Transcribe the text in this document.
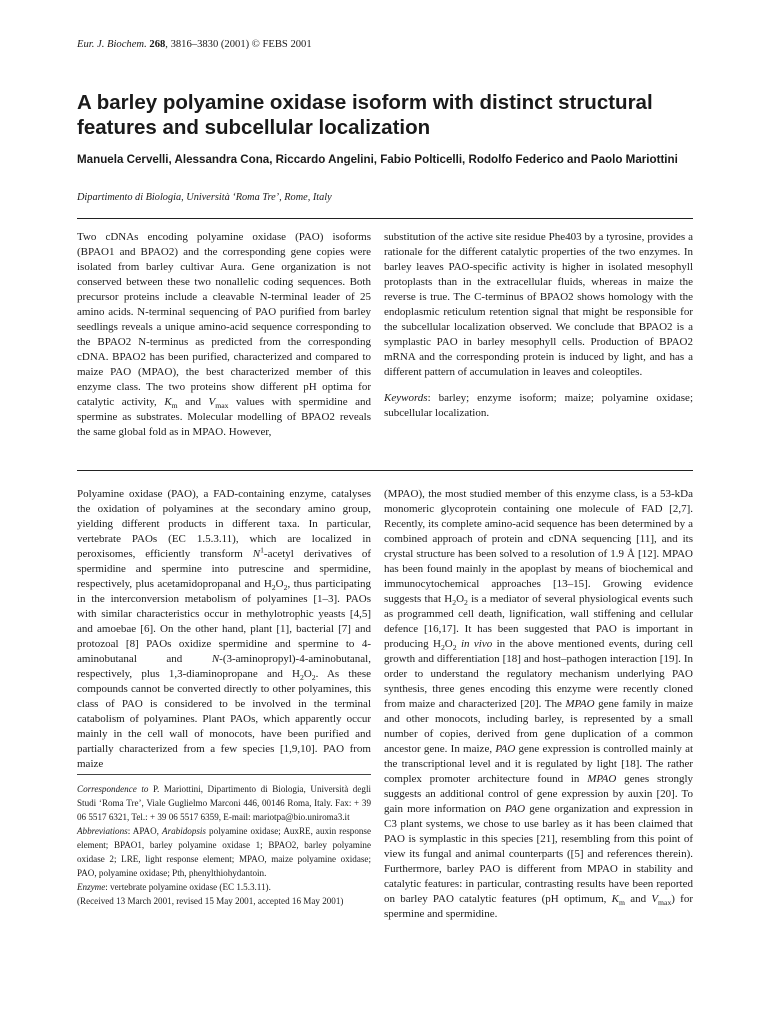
Eur. J. Biochem. 268, 3816–3830 (2001) © FEBS 2001
A barley polyamine oxidase isoform with distinct structural features and subcellular localization

Manuela Cervelli, Alessandra Cona, Riccardo Angelini, Fabio Polticelli, Rodolfo Federico and Paolo Mariottini

Dipartimento di Biologia, Università ‘Roma Tre’, Rome, Italy

Two cDNAs encoding polyamine oxidase (PAO) isoforms (BPAO1 and BPAO2) and the corresponding gene copies were isolated from barley cultivar Aura. Gene organization is not conserved between these two nonallelic coding sequences. Both precursor proteins include a cleavable N-terminal leader of 25 amino acids. N-terminal sequencing of PAO purified from barley seedlings reveals a unique amino-acid sequence corresponding to the BPAO2 N-terminus as predicted from the corresponding cDNA. BPAO2 has been purified, characterized and compared to maize PAO (MPAO), the best characterized member of this enzyme class. The two proteins show different pH optima for catalytic activity, $K_m$ and $V_{max}$ values with spermidine and spermine as substrates. Molecular modelling of BPAO2 reveals the same global fold as in MPAO. However,

substitution of the active site residue Phe403 by a tyrosine, provides a rationale for the different catalytic properties of the two enzymes. In barley leaves PAO-specific activity is higher in isolated mesophyll protoplasts than in the extracellular fluids, whereas in maize the reverse is true. The C-terminus of BPAO2 shows homology with the endoplasmic reticulum retention signal that might be responsible for the subcellular localization observed. We conclude that BPAO2 is a symplastic PAO in barley mesophyll cells. Production of BPAO2 mRNA and the corresponding protein is induced by light, and has a different pattern of accumulation in leaves and coleoptiles.

Keywords: barley; enzyme isoform; maize; polyamine oxidase; subcellular localization.

Polyamine oxidase (PAO), a FAD-containing enzyme, catalyses the oxidation of polyamines at the secondary amino group, yielding different products in different taxa. In particular, vertebrate PAOs (EC 1.5.3.11), which are localized in peroxisomes, efficiently transform $N^1$-acetyl derivatives of spermidine and spermine into putrescine and spermidine, respectively, plus acetamidopropanal and $H_2O_2$, thus participating in the interconversion metabolism of polyamines [1–3]. PAOs with similar characteristics occur in methylotrophic yeasts [4,5] and amoebae [6]. On the other hand, plant [1], bacterial [7] and protozoal [8] PAOs oxidize spermidine and spermine to 4-aminobutanal and N-(3-aminopropyl)-4-aminobutanal, respectively, plus 1,3-diaminopropane and $H_2O_2$. As these compounds cannot be converted directly to other polyamines, this class of PAO is considered to be involved in the terminal catabolism of polyamines. Plant PAOs, which apparently occur mainly in the cell wall of monocots, have been purified and partially characterized from a few species [1,9,10]. PAO from maize

Correspondence to P. Mariottini, Dipartimento di Biologia, Università degli Studi ‘Roma Tre’, Viale Guglielmo Marconi 446, 00146 Roma, Italy. Fax: + 39 06 5517 6321, Tel.: + 39 06 5517 6359, E-mail: mariotpa@bio.uniroma3.it

Abbreviations: APAO, Arabidopsis polyamine oxidase; AuxRE, auxin response element; BPAO1, barley polyamine oxidase 1; BPAO2, barley polyamine oxidase 2; LRE, light response element; MPAO, maize polyamine oxidase; PAO, polyamine oxidase; Pth, phenylthiohydantoin.

Enzyme: vertebrate polyamine oxidase (EC 1.5.3.11).

(Received 13 March 2001, revised 15 May 2001, accepted 16 May 2001)

(MPAO), the most studied member of this enzyme class, is a 53-kDa monomeric glycoprotein containing one molecule of FAD [2,7]. Recently, its complete amino-acid sequence has been determined by a combined approach of protein and cDNA sequencing [11], and its crystal structure has been solved to a resolution of 1.9 Å [12]. MPAO has been found mainly in the apoplast by means of biochemical and immunocytochemical approaches [13–15]. Growing evidence suggests that $H_2O_2$ is a mediator of several physiological events such as programmed cell death, lignification, wall stiffening and cellular defence [16,17]. It has been suggested that PAO is important in producing $H_2O_2$ in vivo in the above mentioned events, during cell growth and differentiation [18] and host–pathogen interaction [19]. In order to understand the regulatory mechanism underlying PAO synthesis, three genes encoding this enzyme were recently cloned from maize and characterized [20]. The MPAO gene family in maize and other monocots, including barley, is represented by a small number of copies, derived from gene duplication of a common ancestor gene. In maize, PAO gene expression is controlled mainly at the transcriptional level and it is regulated by light [18]. The rather complex promoter architecture found in MPAO genes strongly suggests an additional control of gene expression by auxin [20]. To gain more information on PAO gene organization and expression in C3 plant systems, we chose to use barley as it has been claimed that PAO is symplastic in this species [21], resembling from this point of view its fungal and animal counterparts ([5] and references therein). Furthermore, barley PAO is different from MPAO in stability and catalytic features: in particular, contrasting results have been reported on barley PAO catalytic features (pH optimum, $K_m$ and $V_{max}$) for spermine and spermidine.
